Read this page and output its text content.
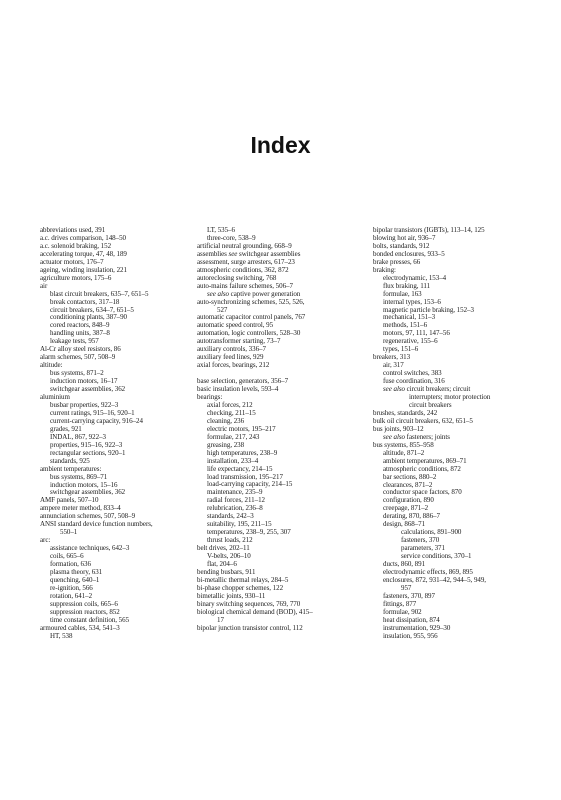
Index
abbreviations used, 391
a.c. drives comparison, 148–50
a.c. solenoid braking, 152
accelerating torque, 47, 48, 189
actuator motors, 176–7
ageing, winding insulation, 221
agriculture motors, 175–6
air
blast circuit breakers, 635–7, 651–5
break contactors, 317–18
circuit breakers, 634–7, 651–5
conditioning plants, 387–90
cored reactors, 848–9
handling units, 387–8
leakage tests, 957
Al-Cr alloy steel resistors, 86
alarm schemes, 507, 508–9
altitude:
bus systems, 871–2
induction motors, 16–17
switchgear assemblies, 362
aluminium
busbar properties, 922–3
current ratings, 915–16, 920–1
current-carrying capacity, 916–24
grades, 921
INDAL, 867, 922–3
properties, 915–16, 922–3
rectangular sections, 920–1
standards, 925
ambient temperatures:
bus systems, 869–71
induction motors, 15–16
switchgear assemblies, 362
AMF panels, 507–10
ampere meter method, 833–4
annunciation schemes, 507, 508–9
ANSI standard device function numbers,
550–1
arc:
assistance techniques, 642–3
coils, 665–6
formation, 636
plasma theory, 631
quenching, 640–1
re-ignition, 566
rotation, 641–2
suppression coils, 665–6
suppression reactors, 852
time constant definition, 565
armoured cables, 534, 541–3
HT, 538
LT, 535–6
three-core, 538–9
artificial neutral grounding, 668–9
assemblies see switchgear assemblies
assessment, surge arresters, 617–23
atmospheric conditions, 362, 872
autoreclosing switching, 768
auto-mains failure schemes, 506–7
see also captive power generation
auto-synchronizing schemes, 525, 526,
527
automatic capacitor control panels, 767
automatic speed control, 95
automation, logic controllers, 528–30
autotransformer starting, 73–7
auxiliary controls, 336–7
auxiliary feed lines, 929
axial forces, bearings, 212
base selection, generators, 356–7
basic insulation levels, 593–4
bearings:
axial forces, 212
checking, 211–15
cleaning, 236
electric motors, 195–217
formulae, 217, 243
greasing, 238
high temperatures, 238–9
installation, 233–4
life expectancy, 214–15
load transmission, 195–217
load-carrying capacity, 214–15
maintenance, 235–9
radial forces, 211–12
relubrication, 236–8
standards, 242–3
suitability, 195, 211–15
temperatures, 238–9, 255, 307
thrust loads, 212
belt drives, 202–11
V-belts, 206–10
flat, 204–6
bending busbars, 911
bi-metallic thermal relays, 284–5
bi-phase chopper schemes, 122
bimetallic joints, 930–11
binary switching sequences, 769, 770
biological chemical demand (BOD), 415–
17
bipolar junction transistor control, 112
bipolar transistors (IGBTs), 113–14, 125
blowing hot air, 936–7
bolts, standards, 912
bonded enclosures, 933–5
brake presses, 66
braking:
electrodynamic, 153–4
flux braking, 111
formulae, 163
internal types, 153–6
magnetic particle braking, 152–3
mechanical, 151–3
methods, 151–6
motors, 97, 111, 147–56
regenerative, 155–6
types, 151–6
breakers, 313
air, 317
control switches, 383
fuse coordination, 316
see also circuit breakers; circuit
interrupters; motor protection
circuit breakers
brushes, standards, 242
bulk oil circuit breakers, 632, 651–5
bus joints, 903–12
see also fasteners; joints
bus systems, 855–958
altitude, 871–2
ambient temperatures, 869–71
atmospheric conditions, 872
bar sections, 880–2
clearances, 871–2
conductor space factors, 870
configuration, 890
creepage, 871–2
derating, 870, 886–7
design, 868–71
calculations, 891–900
fasteners, 370
parameters, 371
service conditions, 370–1
ducts, 860, 891
electrodynamic effects, 869, 895
enclosures, 872, 931–42, 944–5, 949,
957
fasteners, 370, 897
fittings, 877
formulae, 902
heat dissipation, 874
instrumentation, 929–30
insulation, 955, 956
